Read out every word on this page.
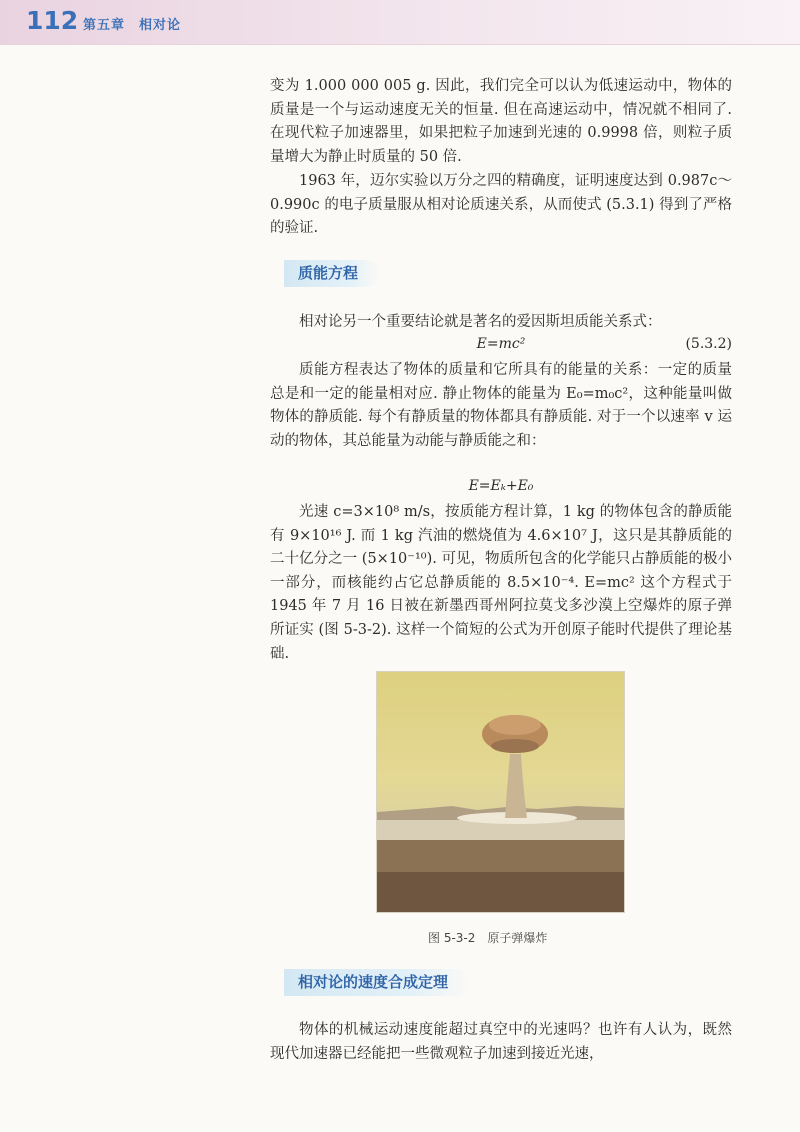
112 第五章　相对论

变为 1.000 000 005 g. 因此，我们完全可以认为低速运动中，物体的质量是一个与运动速度无关的恒量. 但在高速运动中，情况就不相同了. 在现代粒子加速器里，如果把粒子加速到光速的 0.9998 倍，则粒子质量增大为静止时质量的 50 倍.

1963 年，迈尔实验以万分之四的精确度，证明速度达到 0.987c～0.990c 的电子质量服从相对论质速关系，从而使式 (5.3.1) 得到了严格的验证.

质能方程

相对论另一个重要结论就是著名的爱因斯坦质能关系式：

E=mc²	(5.3.2)

质能方程表达了物体的质量和它所具有的能量的关系：一定的质量总是和一定的能量相对应. 静止物体的能量为 E₀=m₀c²，这种能量叫做物体的静质能. 每个有静质量的物体都具有静质能. 对于一个以速率 v 运动的物体，其总能量为动能与静质能之和：

E=Eₖ+E₀

光速 c=3×10⁸ m/s，按质能方程计算，1 kg 的物体包含的静质能有 9×10¹⁶ J. 而 1 kg 汽油的燃烧值为 4.6×10⁷ J，这只是其静质能的二十亿分之一 (5×10⁻¹⁰). 可见，物质所包含的化学能只占静质能的极小一部分，而核能约占它总静质能的 8.5×10⁻⁴. E=mc² 这个方程式于 1945 年 7 月 16 日被在新墨西哥州阿拉莫戈多沙漠上空爆炸的原子弹所证实 (图 5-3-2). 这样一个简短的公式为开创原子能时代提供了理论基础.

图 5-3-2 原子弹爆炸
相对论的速度合成定理

物体的机械运动速度能超过真空中的光速吗？也许有人认为，既然现代加速器已经能把一些微观粒子加速到接近光速，
